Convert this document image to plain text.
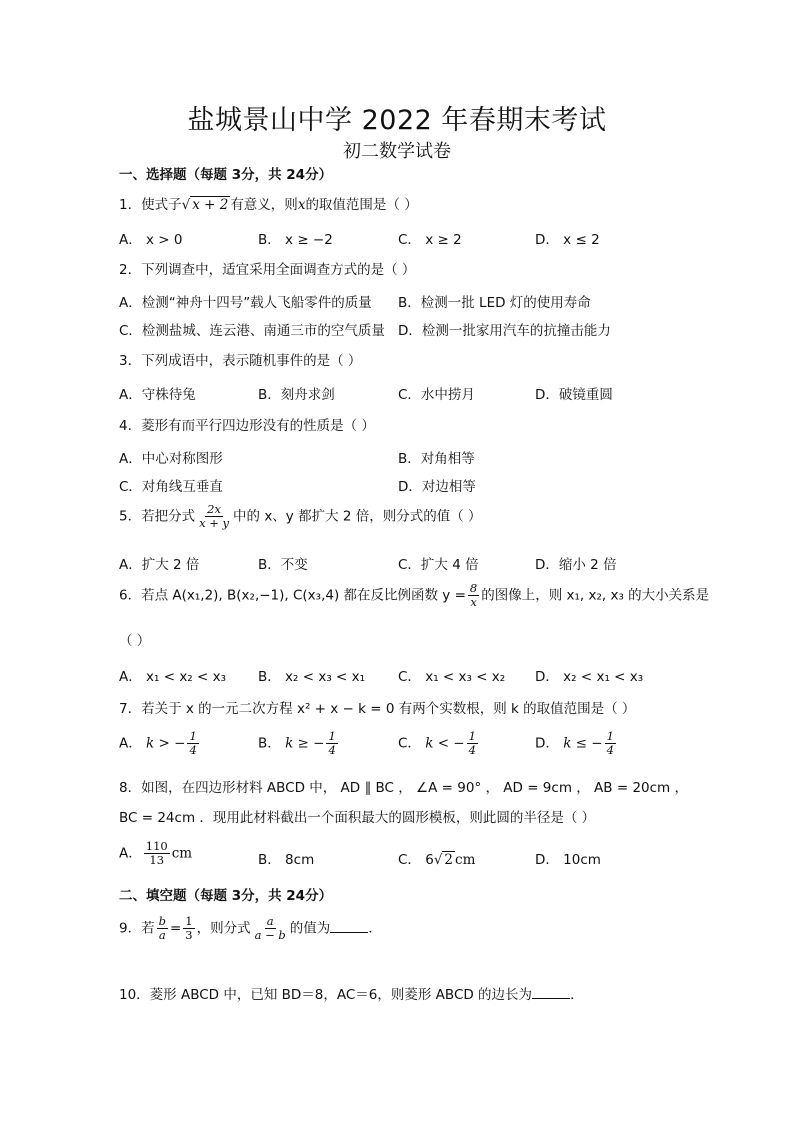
盐城景山中学 2022 年春期末考试
初二数学试卷
一、选择题（每题 3分，共 24分）
1．使式子√ x + 2 有意义，则x的取值范围是（ ）
A． x > 0	B． x ≥ −2	C． x ≥ 2	D． x ≤ 2
2．下列调查中，适宜采用全面调查方式的是（ ）
A．检测“神舟十四号”载人飞船零件的质量 B．检测一批 LED 灯的使用寿命
C．检测盐城、连云港、南通三市的空气质量 D．检测一批家用汽车的抗撞击能力
3．下列成语中，表示随机事件的是（ ）
A．守株待兔	B．刻舟求剑	C．水中捞月	D．破镜重圆
4．菱形有而平行四边形没有的性质是（ ）
A．中心对称图形	B．对角相等
C．对角线互垂直	D．对边相等
5．若把分式 $\frac{2x}{x + y}$ 中的 x、y 都扩大 2 倍，则分式的值（ ）
A．扩大 2 倍	B．不变	C．扩大 4 倍	D．缩小 2 倍
6．若点 A(x₁,2), B(x₂,−1), C(x₃,4) 都在反比例函数 $y = \frac{8}{x}$ 的图像上，则 x₁, x₂, x₃ 的大小关系是
（ ）
A． x₁ < x₂ < x₃ B． x₂ < x₃ < x₁ C． x₁ < x₃ < x₂ D． x₂ < x₁ < x₃
7．若关于 x 的一元二次方程 x² + x − k = 0 有两个实数根，则 k 的取值范围是（ ）
A． k > − $\frac{1}{4}$	B． k ≥ − $\frac{1}{4}$	C． k < − $\frac{1}{4}$	D． k ≤ − $\frac{1}{4}$
8．如图，在四边形材料 ABCD 中， AD ∥ BC ， ∠A = 90° ， AD = 9cm ， AB = 20cm ，
BC = 24cm ．现用此材料截出一个面积最大的圆形模板，则此圆的半径是（ ）
A． $\frac{110}{13}$ cm	B． 8cm	C． 6√ 2 cm	D． 10cm
二、填空题（每题 3分，共 24分）
9．若 $\frac{b}{a} = \frac{1}{3}$ ，则分式 $\frac{a}{a - b}$ 的值为	．
10．菱形 ABCD 中，已知 BD＝8，AC＝6，则菱形 ABCD 的边长为	．
